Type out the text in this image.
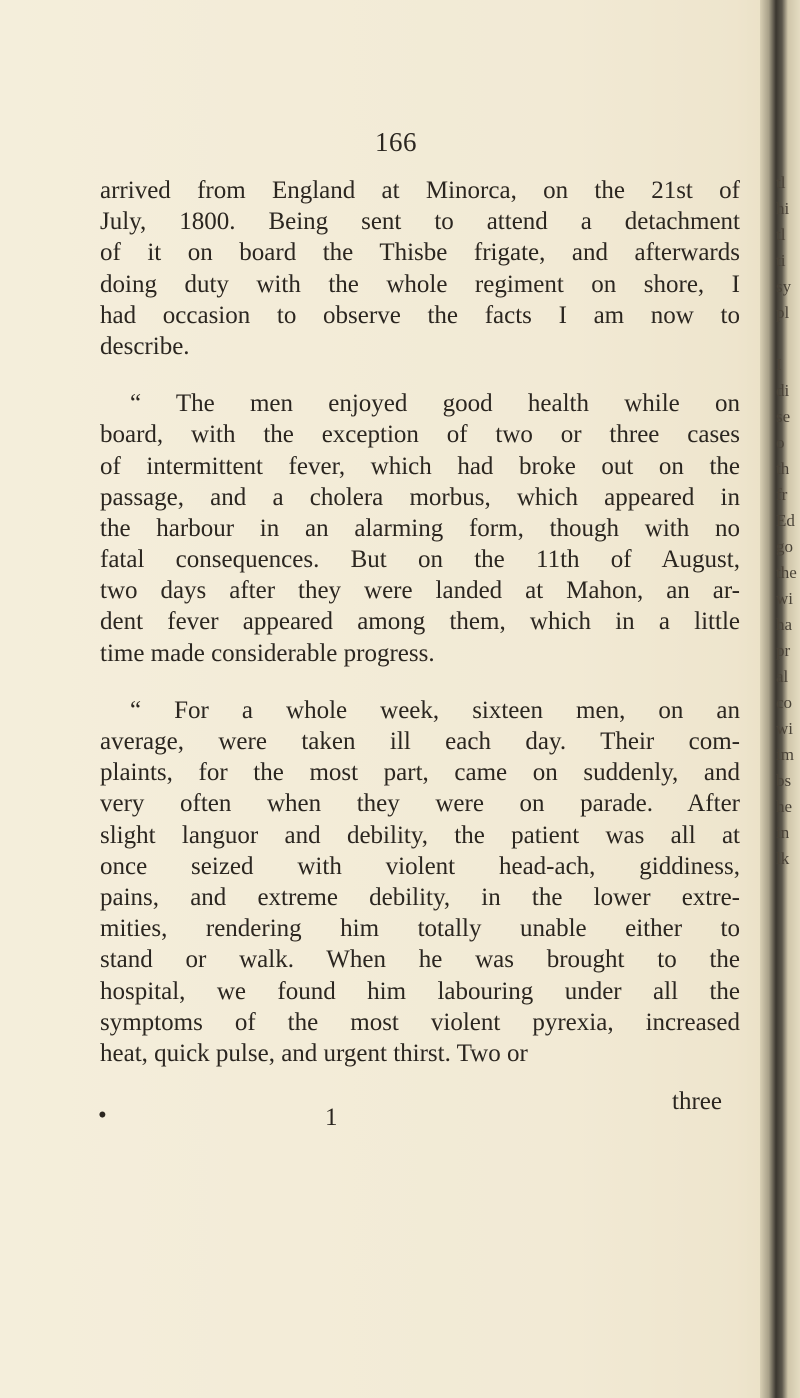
tl
hi
tl
ti
sy
pl
I
di
se
o
th
fr
Ed
go
the
wi
ha
pr
al
co
wi
im
bs
he
in
lk
166
arrived from England at Minorca, on the 21st of
July, 1800. Being sent to attend a detachment
of it on board the Thisbe frigate, and afterwards
doing duty with the whole regiment on shore, I
had occasion to observe the facts I am now to
describe.
“ The men enjoyed good health while on
board, with the exception of two or three cases
of intermittent fever, which had broke out on the
passage, and a cholera morbus, which appeared in
the harbour in an alarming form, though with no
fatal consequences. But on the 11th of August,
two days after they were landed at Mahon, an ar-
dent fever appeared among them, which in a little
time made considerable progress.
“ For a whole week, sixteen men, on an
average, were taken ill each day. Their com-
plaints, for the most part, came on suddenly, and
very often when they were on parade. After
slight languor and debility, the patient was all at
once seized with violent head-ach, giddiness,
pains, and extreme debility, in the lower extre-
mities, rendering him totally unable either to
stand or walk. When he was brought to the
hospital, we found him labouring under all the
symptoms of the most violent pyrexia, increased
heat, quick pulse, and urgent thirst. Two or
•	1
three
